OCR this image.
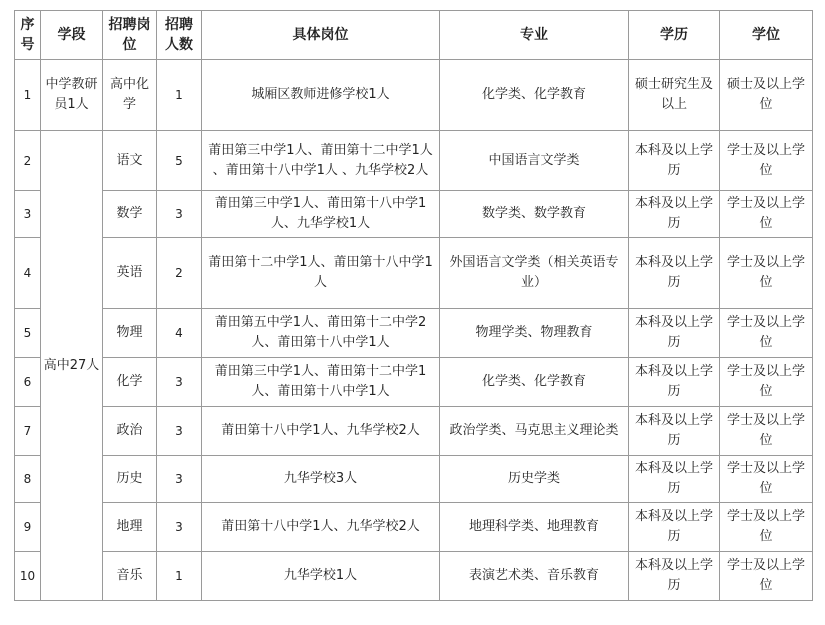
序号	学段	招聘岗位	招聘人数	具体岗位	专业	学历	学位
1	中学教研员1人	高中化学	1	城厢区教师进修学校1人	化学类、化学教育	硕士研究生及以上	硕士及以上学位
2	高中27人	语文	5	莆田第三中学1人、莆田第十二中学1人 、莆田第十八中学1人 、九华学校2人	中国语言文学类	本科及以上学历	学士及以上学位
3		数学	3	莆田第三中学1人、莆田第十八中学1人、九华学校1人	数学类、数学教育	本科及以上学历	学士及以上学位
4		英语	2	莆田第十二中学1人、莆田第十八中学1人	外国语言文学类（相关英语专业）	本科及以上学历	学士及以上学位
5		物理	4	莆田第五中学1人、莆田第十二中学2人、莆田第十八中学1人	物理学类、物理教育	本科及以上学历	学士及以上学位
6		化学	3	莆田第三中学1人、莆田第十二中学1人、莆田第十八中学1人	化学类、化学教育	本科及以上学历	学士及以上学位
7		政治	3	莆田第十八中学1人、九华学校2人	政治学类、马克思主义理论类	本科及以上学历	学士及以上学位
8		历史	3	九华学校3人	历史学类	本科及以上学历	学士及以上学位
9		地理	3	莆田第十八中学1人、九华学校2人	地理科学类、地理教育	本科及以上学历	学士及以上学位
10		音乐	1	九华学校1人	表演艺术类、音乐教育	本科及以上学历	学士及以上学位
